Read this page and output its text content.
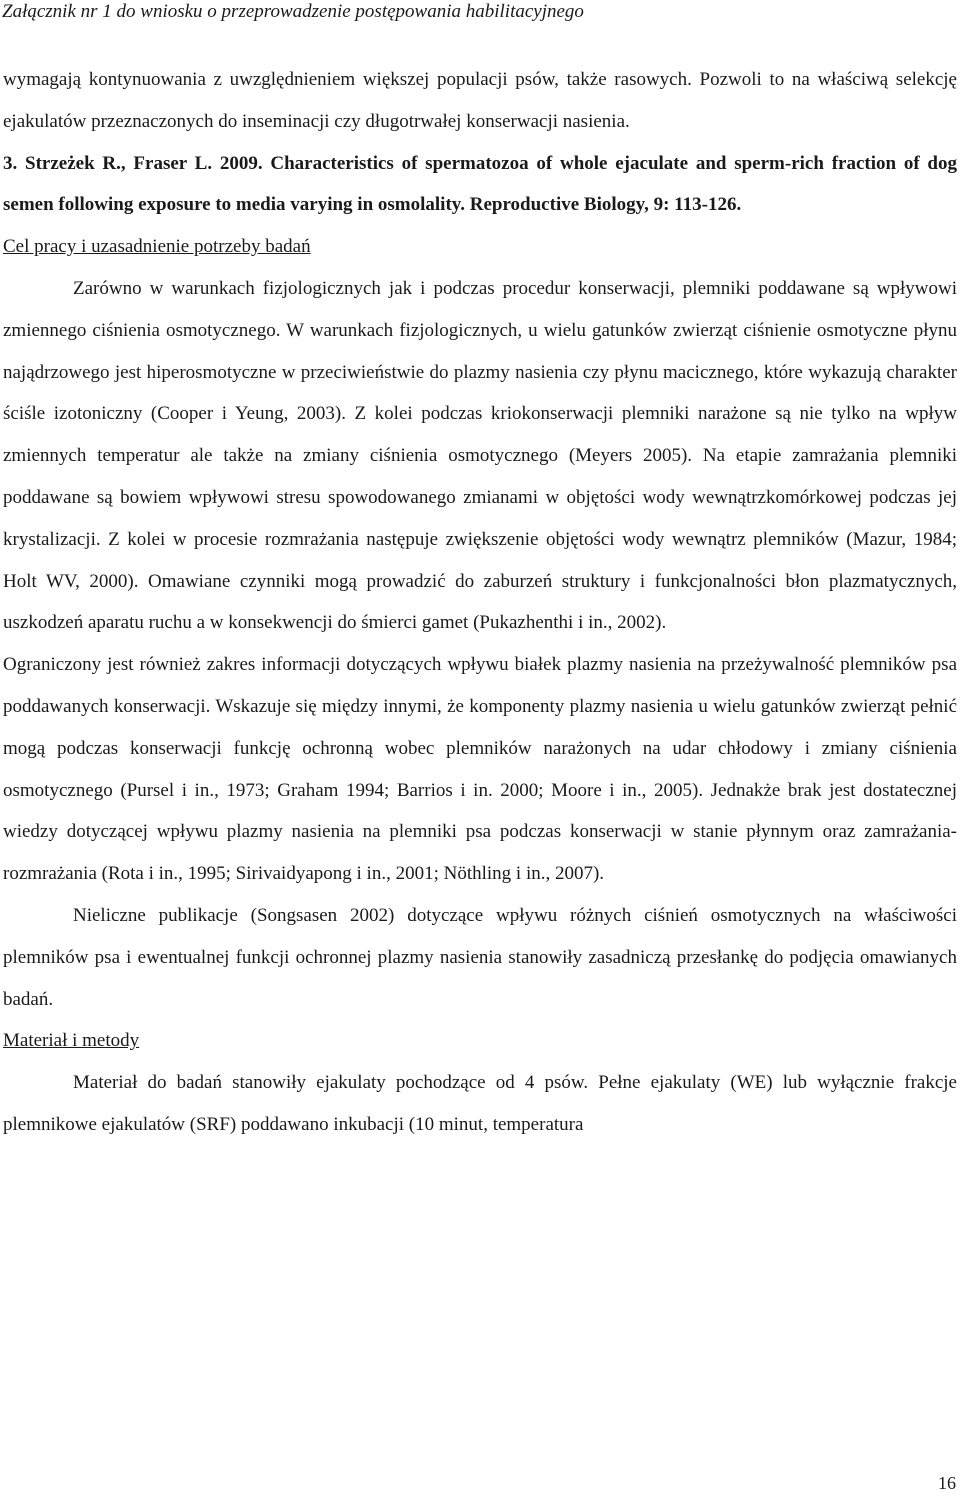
Załącznik nr 1 do wniosku o przeprowadzenie postępowania habilitacyjnego

wymagają kontynuowania z uwzględnieniem większej populacji psów, także rasowych. Pozwoli to na właściwą selekcję ejakulatów przeznaczonych do inseminacji czy długotrwałej konserwacji nasienia.

3. Strzeżek R., Fraser L. 2009. Characteristics of spermatozoa of whole ejaculate and sperm-rich fraction of dog semen following exposure to media varying in osmolality. Reproductive Biology, 9: 113-126.

Cel pracy i uzasadnienie potrzeby badań

Zarówno w warunkach fizjologicznych jak i podczas procedur konserwacji, plemniki poddawane są wpływowi zmiennego ciśnienia osmotycznego. W warunkach fizjologicznych, u wielu gatunków zwierząt ciśnienie osmotyczne płynu najądrzowego jest hiperosmotyczne w przeciwieństwie do plazmy nasienia czy płynu macicznego, które wykazują charakter ściśle izotoniczny (Cooper i Yeung, 2003). Z kolei podczas kriokonserwacji plemniki narażone są nie tylko na wpływ zmiennych temperatur ale także na zmiany ciśnienia osmotycznego (Meyers 2005). Na etapie zamrażania plemniki poddawane są bowiem wpływowi stresu spowodowanego zmianami w objętości wody wewnątrzkomórkowej podczas jej krystalizacji. Z kolei w procesie rozmrażania następuje zwiększenie objętości wody wewnątrz plemników (Mazur, 1984; Holt WV, 2000). Omawiane czynniki mogą prowadzić do zaburzeń struktury i funkcjonalności błon plazmatycznych, uszkodzeń aparatu ruchu a w konsekwencji do śmierci gamet (Pukazhenthi i in., 2002).

Ograniczony jest również zakres informacji dotyczących wpływu białek plazmy nasienia na przeżywalność plemników psa poddawanych konserwacji. Wskazuje się między innymi, że komponenty plazmy nasienia u wielu gatunków zwierząt pełnić mogą podczas konserwacji funkcję ochronną wobec plemników narażonych na udar chłodowy i zmiany ciśnienia osmotycznego (Pursel i in., 1973; Graham 1994; Barrios i in. 2000; Moore i in., 2005). Jednakże brak jest dostatecznej wiedzy dotyczącej wpływu plazmy nasienia na plemniki psa podczas konserwacji w stanie płynnym oraz zamrażania-rozmrażania (Rota i in., 1995; Sirivaidyapong i in., 2001; Nöthling i in., 2007).

Nieliczne publikacje (Songsasen 2002) dotyczące wpływu różnych ciśnień osmotycznych na właściwości plemników psa i ewentualnej funkcji ochronnej plazmy nasienia stanowiły zasadniczą przesłankę do podjęcia omawianych badań.

Materiał i metody

Materiał do badań stanowiły ejakulaty pochodzące od 4 psów. Pełne ejakulaty (WE) lub wyłącznie frakcje plemnikowe ejakulatów (SRF) poddawano inkubacji (10 minut, temperatura

16
